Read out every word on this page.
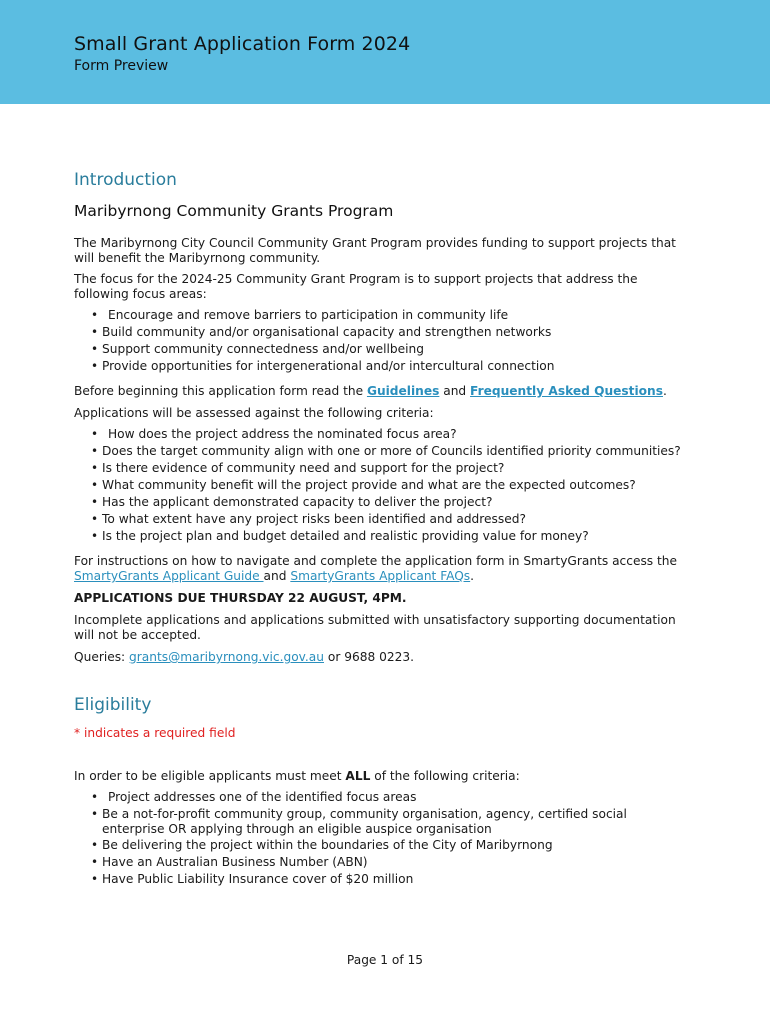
Small Grant Application Form 2024
Form Preview
Introduction
Maribyrnong Community Grants Program

The Maribyrnong City Council Community Grant Program provides funding to support projects that will benefit the Maribyrnong community.

The focus for the 2024-25 Community Grant Program is to support projects that address the following focus areas:

• Encourage and remove barriers to participation in community life
• Build community and/or organisational capacity and strengthen networks
• Support community connectedness and/or wellbeing
• Provide opportunities for intergenerational and/or intercultural connection

Before beginning this application form read the Guidelines and Frequently Asked Questions.

Applications will be assessed against the following criteria:

• How does the project address the nominated focus area?
• Does the target community align with one or more of Councils identified priority communities?
• Is there evidence of community need and support for the project?
• What community benefit will the project provide and what are the expected outcomes?
• Has the applicant demonstrated capacity to deliver the project?
• To what extent have any project risks been identified and addressed?
• Is the project plan and budget detailed and realistic providing value for money?

For instructions on how to navigate and complete the application form in SmartyGrants access the SmartyGrants Applicant Guide and SmartyGrants Applicant FAQs.

APPLICATIONS DUE THURSDAY 22 AUGUST, 4PM.

Incomplete applications and applications submitted with unsatisfactory supporting documentation will not be accepted.

Queries: grants@maribyrnong.vic.gov.au or 9688 0223.

Eligibility

* indicates a required field

In order to be eligible applicants must meet ALL of the following criteria:

• Project addresses one of the identified focus areas
• Be a not-for-profit community group, community organisation, agency, certified social enterprise OR applying through an eligible auspice organisation
• Be delivering the project within the boundaries of the City of Maribyrnong
• Have an Australian Business Number (ABN)
• Have Public Liability Insurance cover of $20 million
Page 1 of 15
